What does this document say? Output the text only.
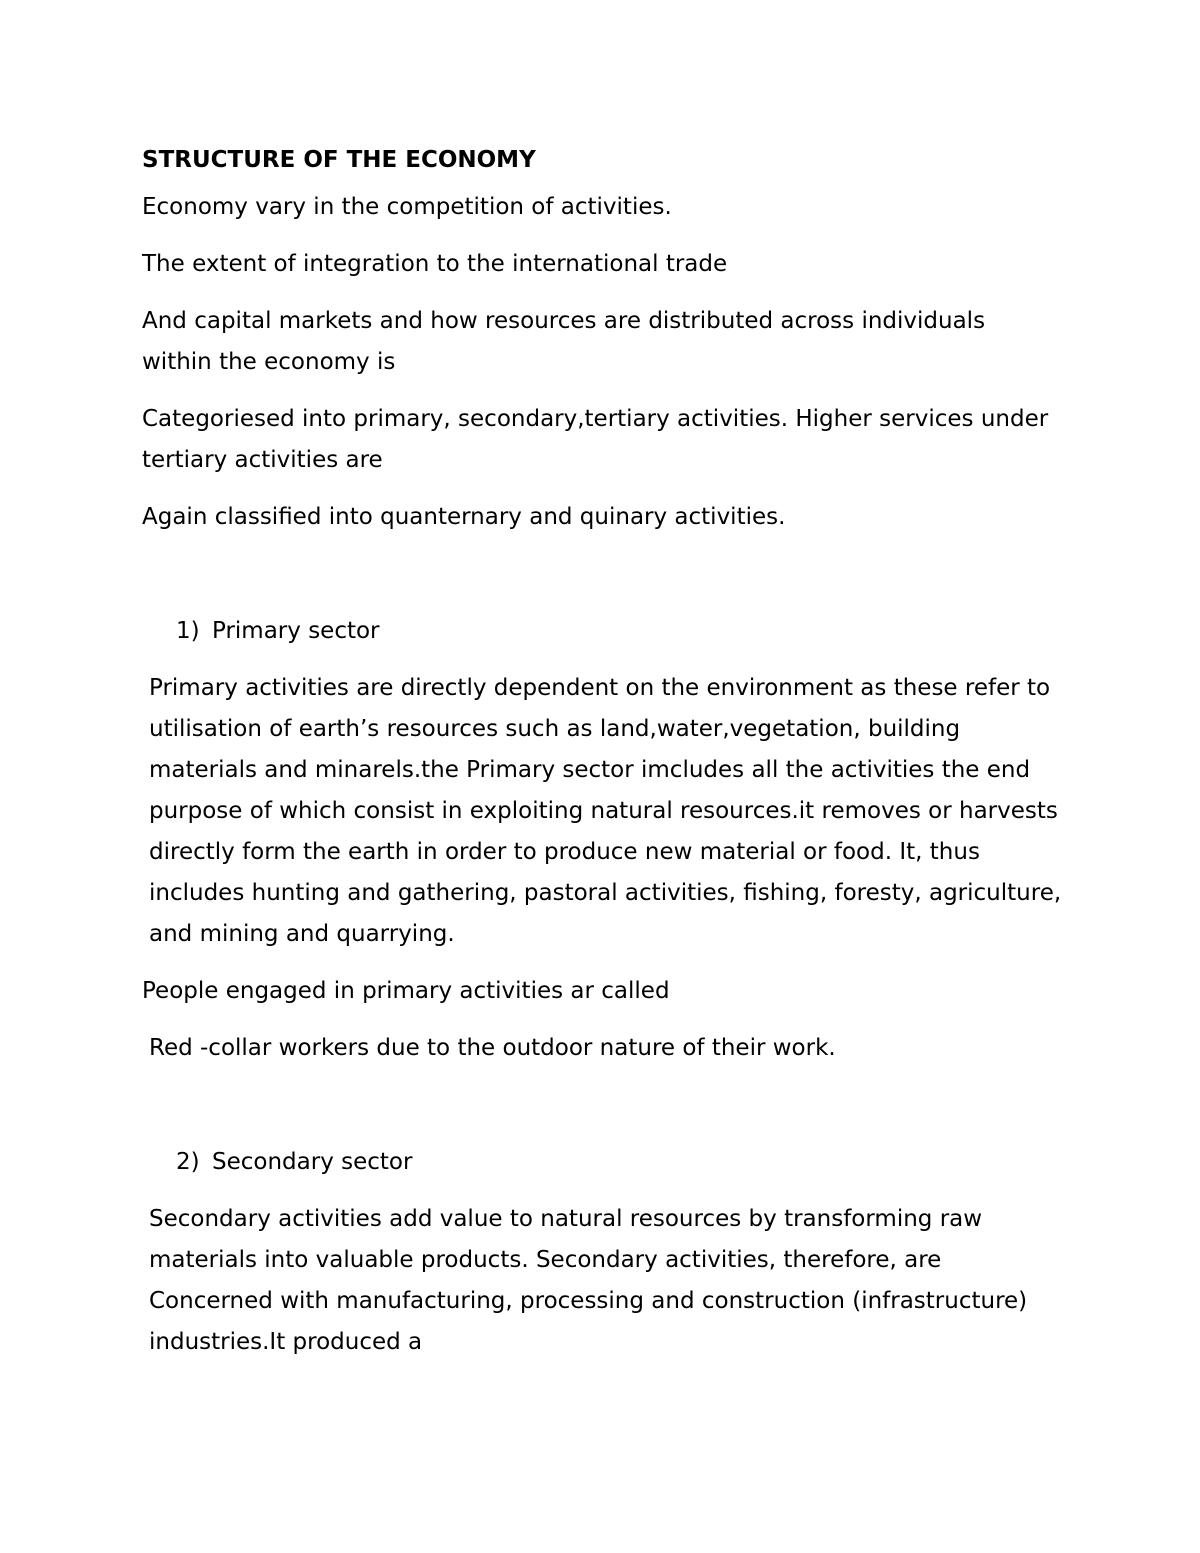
STRUCTURE OF THE ECONOMY

Economy vary in the competition of activities.

The extent of integration to the international trade

And capital markets and how resources are distributed across individuals within the economy is

Categoriesed into primary, secondary,tertiary activities. Higher services under tertiary activities are

Again classified into quanternary and quinary activities.

1) Primary sector

Primary activities are directly dependent on the environment as these refer to utilisation of earth’s resources such as land,water,vegetation, building materials and minarels.the Primary sector imcludes all the activities the end purpose of which consist in exploiting natural resources.it removes or harvests directly form the earth in order to produce new material or food. It, thus includes hunting and gathering, pastoral activities, fishing, foresty, agriculture, and mining and quarrying.

People engaged in primary activities ar called

Red -collar workers due to the outdoor nature of their work.

2) Secondary sector

Secondary activities add value to natural resources by transforming raw materials into valuable products. Secondary activities, therefore, are Concerned with manufacturing, processing and construction (infrastructure) industries.It produced a
